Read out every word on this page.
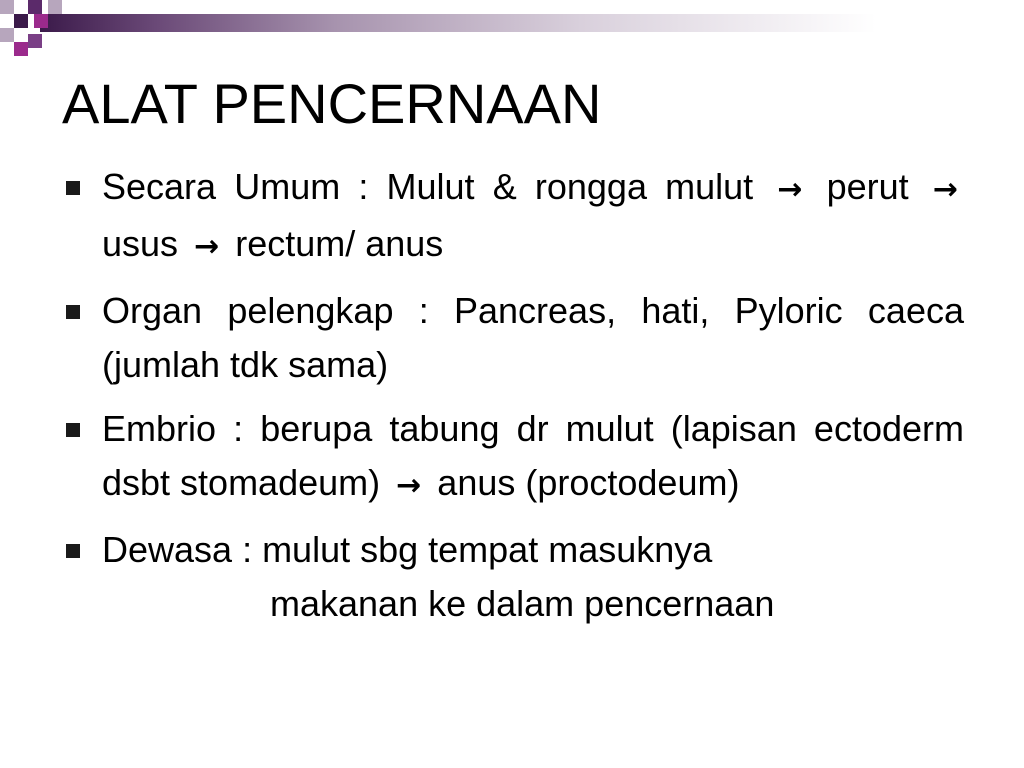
ALAT PENCERNAAN
Secara Umum : Mulut & rongga mulut → perut → usus → rectum/ anus
Organ pelengkap : Pancreas, hati, Pyloric caeca (jumlah tdk sama)
Embrio : berupa tabung dr mulut (lapisan ectoderm dsbt stomadeum) → anus (proctodeum)
Dewasa : mulut sbg tempat masuknya
makanan ke dalam pencernaan
